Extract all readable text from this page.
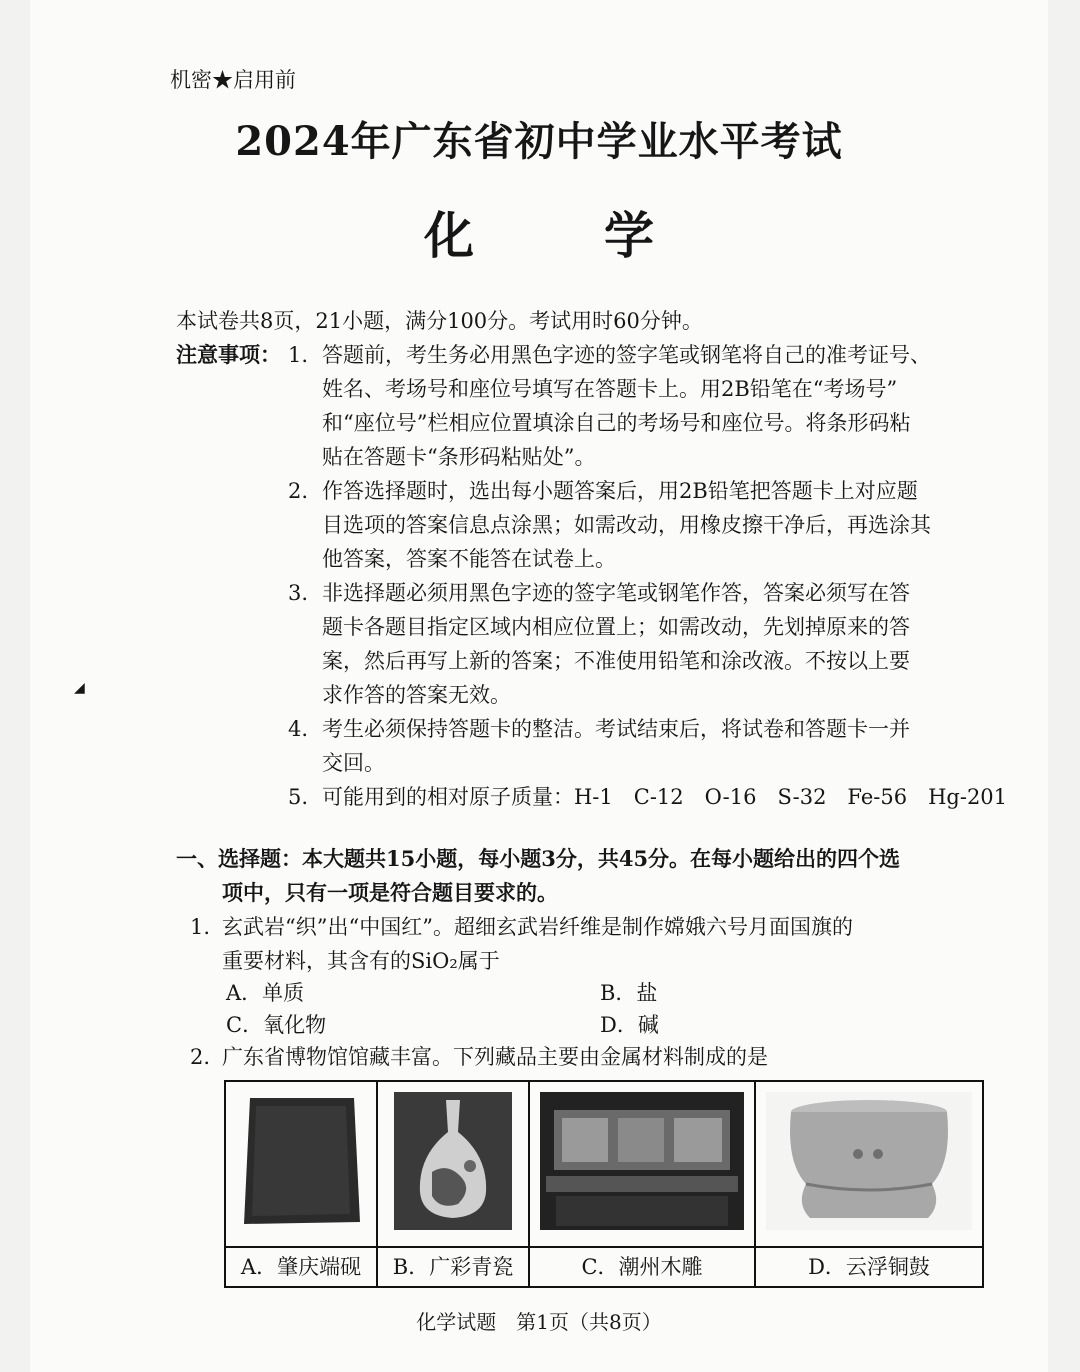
机密★启用前
2024年广东省初中学业水平考试
化　学
本试卷共8页，21小题，满分100分。考试用时60分钟。
注意事项： 1. 答题前，考生务必用黑色字迹的签字笔或钢笔将自己的准考证号、
姓名、考场号和座位号填写在答题卡上。用2B铅笔在“考场号”
和“座位号”栏相应位置填涂自己的考场号和座位号。将条形码粘
贴在答题卡“条形码粘贴处”。
2. 作答选择题时，选出每小题答案后，用2B铅笔把答题卡上对应题
目选项的答案信息点涂黑；如需改动，用橡皮擦干净后，再选涂其
他答案，答案不能答在试卷上。
3. 非选择题必须用黑色字迹的签字笔或钢笔作答，答案必须写在答
题卡各题目指定区域内相应位置上；如需改动，先划掉原来的答
案，然后再写上新的答案；不准使用铅笔和涂改液。不按以上要
求作答的答案无效。
4. 考生必须保持答题卡的整洁。考试结束后，将试卷和答题卡一并
交回。
5. 可能用到的相对原子质量：H-1　C-12　O-16　S-32　Fe-56　Hg-201
◢
一、选择题：本大题共15小题，每小题3分，共45分。在每小题给出的四个选
项中，只有一项是符合题目要求的。
1. 玄武岩“织”出“中国红”。超细玄武岩纤维是制作嫦娥六号月面国旗的
重要材料，其含有的SiO₂属于
A．单质	B．盐
C．氧化物	D．碱
2. 广东省博物馆馆藏丰富。下列藏品主要由金属材料制成的是
A．肇庆端砚	B．广彩青瓷	C．潮州木雕	D．云浮铜鼓
化学试题　第1页（共8页）
